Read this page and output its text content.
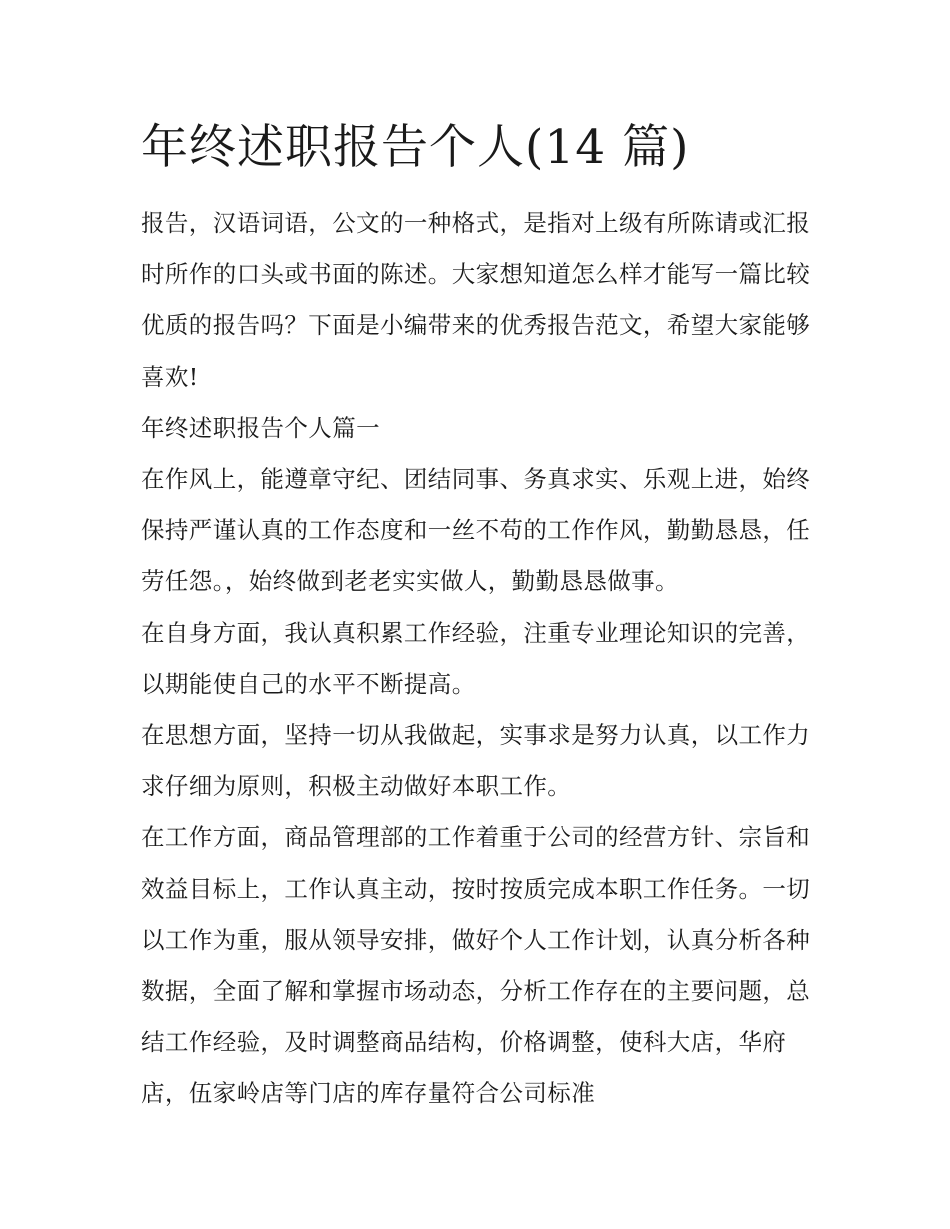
年终述职报告个人(14 篇)

报告，汉语词语，公文的一种格式，是指对上级有所陈请或汇报时所作的口头或书面的陈述。大家想知道怎么样才能写一篇比较优质的报告吗？下面是小编带来的优秀报告范文，希望大家能够喜欢!

年终述职报告个人篇一

在作风上，能遵章守纪、团结同事、务真求实、乐观上进，始终保持严谨认真的工作态度和一丝不苟的工作作风，勤勤恳恳，任劳任怨。，始终做到老老实实做人，勤勤恳恳做事。

在自身方面，我认真积累工作经验，注重专业理论知识的完善，以期能使自己的水平不断提高。

在思想方面，坚持一切从我做起，实事求是努力认真，以工作力求仔细为原则，积极主动做好本职工作。

在工作方面，商品管理部的工作着重于公司的经营方针、宗旨和效益目标上，工作认真主动，按时按质完成本职工作任务。一切以工作为重，服从领导安排，做好个人工作计划，认真分析各种数据，全面了解和掌握市场动态，分析工作存在的主要问题，总结工作经验，及时调整商品结构，价格调整，使科大店，华府店，伍家岭店等门店的库存量符合公司标准
